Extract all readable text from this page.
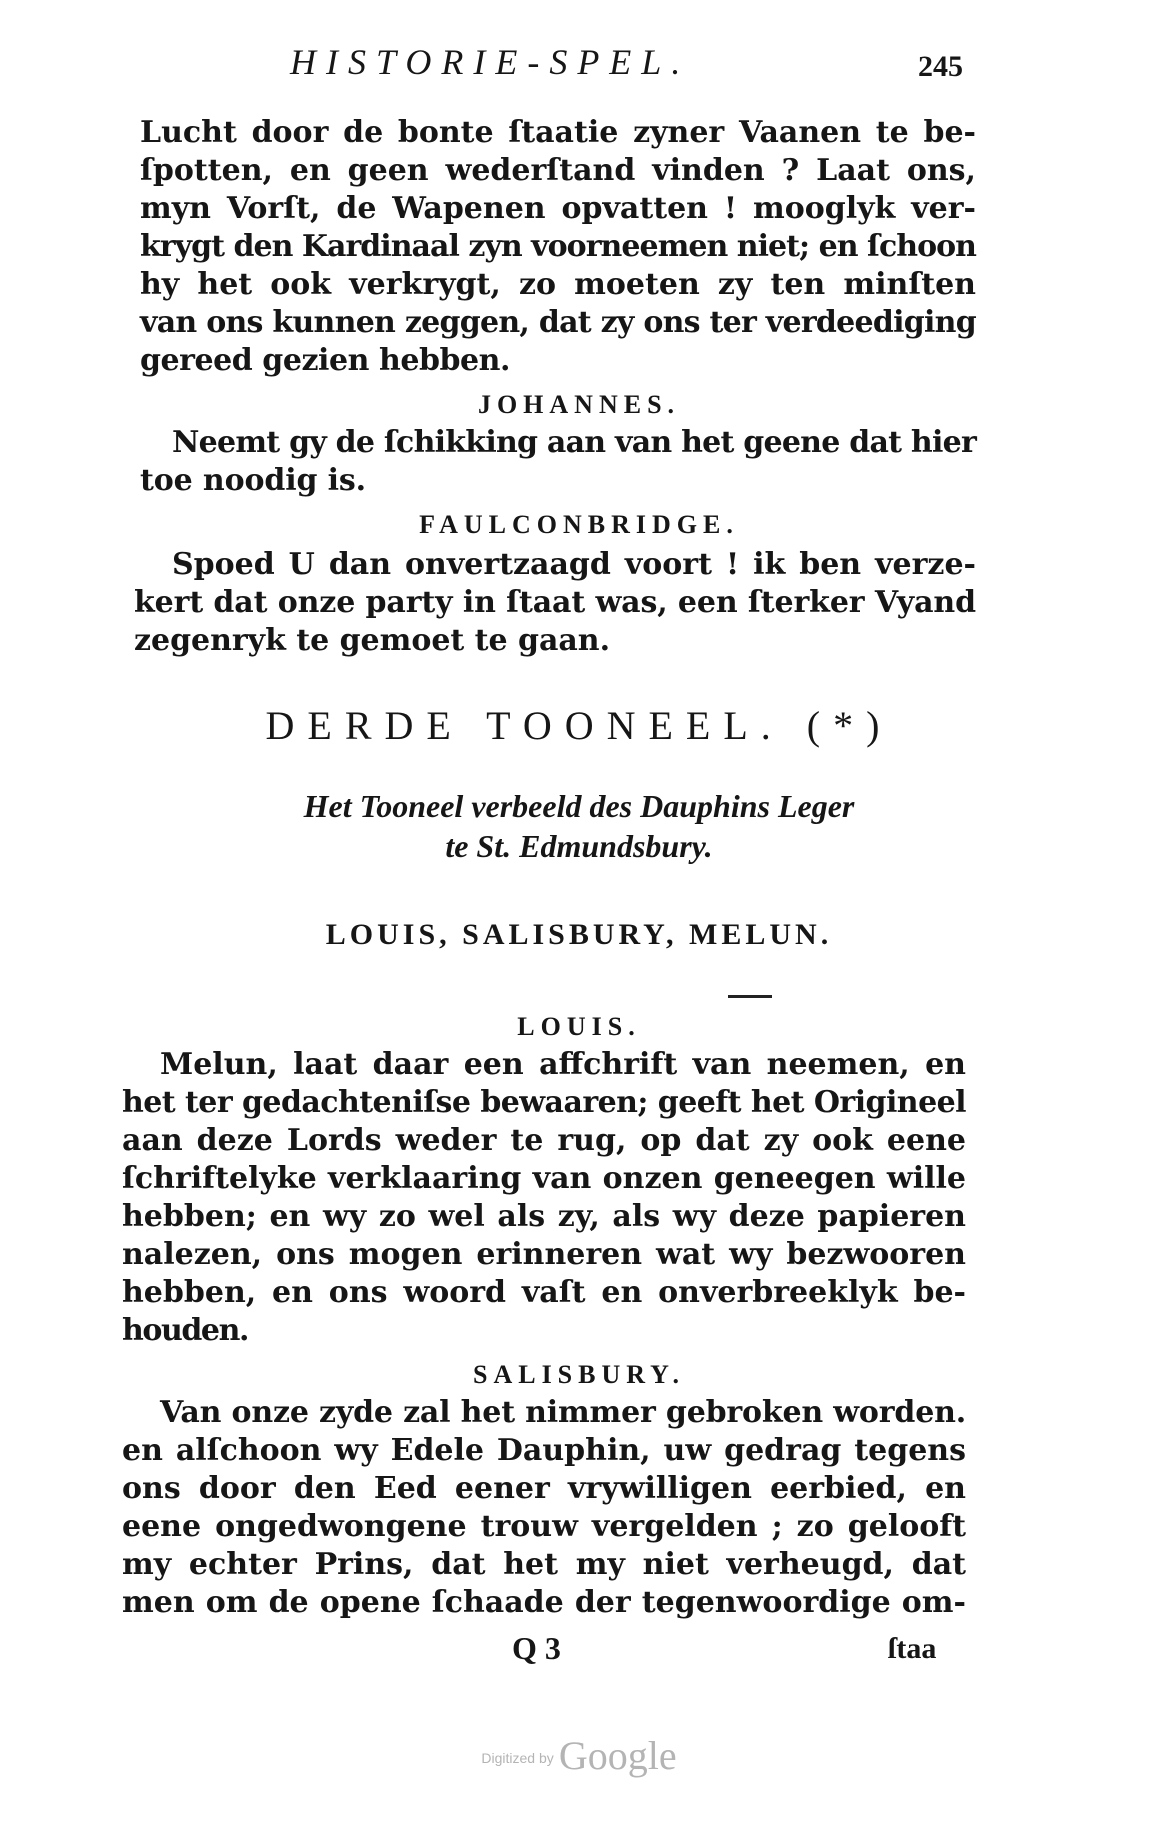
HISTORIE-SPEL.	245
Lucht door de bonte ſtaatie zyner Vaanen te be-
ſpotten, en geen wederſtand vinden ? Laat ons,
myn Vorſt, de Wapenen opvatten ! mooglyk ver-
krygt den Kardinaal zyn voorneemen niet; en ſchoon
hy het ook verkrygt, zo moeten zy ten minſten
van ons kunnen zeggen, dat zy ons ter verdeediging
gereed gezien hebben.
JOHANNES.
Neemt gy de ſchikking aan van het geene dat hier
toe noodig is.
FAULCONBRIDGE.
Spoed U dan onvertzaagd voort ! ik ben verze-
kert dat onze party in ſtaat was, een ſterker Vyand
zegenryk te gemoet te gaan.
DERDE TOONEEL. (*)
Het Tooneel verbeeld des Dauphins Leger
te St. Edmundsbury.
LOUIS, SALISBURY, MELUN.
LOUIS.
Melun, laat daar een affchrift van neemen, en
het ter gedachteniſse bewaaren; geeft het Origineel
aan deze Lords weder te rug, op dat zy ook eene
ſchriftelyke verklaaring van onzen geneegen wille
hebben; en wy zo wel als zy, als wy deze papieren
nalezen, ons mogen erinneren wat wy bezwooren
hebben, en ons woord vaſt en onverbreeklyk be-
houden.
SALISBURY.
Van onze zyde zal het nimmer gebroken worden.
en alſchoon wy Edele Dauphin, uw gedrag tegens
ons door den Eed eener vrywilligen eerbied, en
eene ongedwongene trouw vergelden ; zo gelooft
my echter Prins, dat het my niet verheugd, dat
men om de opene ſchaade der tegenwoordige om-
Q 3	ſtaa
Digitized by Google
